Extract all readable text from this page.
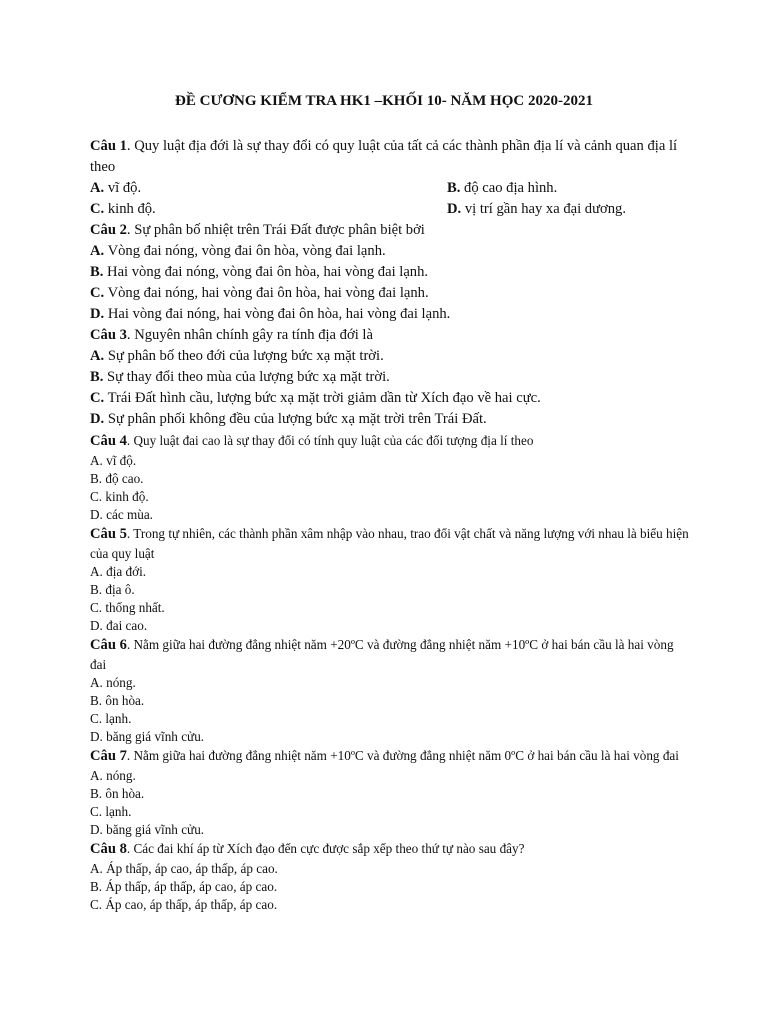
ĐỀ CƯƠNG KIỂM TRA HK1 –KHỐI 10- NĂM HỌC 2020-2021

Câu 1. Quy luật địa đới là sự thay đổi có quy luật của tất cả các thành phần địa lí và cảnh quan địa lí theo

A. vĩ độ.	B. độ cao địa hình.
C. kinh độ.	D. vị trí gần hay xa đại dương.

Câu 2. Sự phân bố nhiệt trên Trái Đất được phân biệt bởi

A. Vòng đai nóng, vòng đai ôn hòa, vòng đai lạnh.
B. Hai vòng đai nóng, vòng đai ôn hòa, hai vòng đai lạnh.
C. Vòng đai nóng, hai vòng đai ôn hòa, hai vòng đai lạnh.
D. Hai vòng đai nóng, hai vòng đai ôn hòa, hai vòng đai lạnh.

Câu 3. Nguyên nhân chính gây ra tính địa đới là

A. Sự phân bố theo đới của lượng bức xạ mặt trời.
B. Sự thay đổi theo mùa của lượng bức xạ mặt trời.
C. Trái Đất hình cầu, lượng bức xạ mặt trời giảm dần từ Xích đạo về hai cực.
D. Sự phân phối không đều của lượng bức xạ mặt trời trên Trái Đất.

Câu 4. Quy luật đai cao là sự thay đổi có tính quy luật của các đối tượng địa lí theo

A. vĩ độ.
B. độ cao.
C. kinh độ.
D. các mùa.

Câu 5. Trong tự nhiên, các thành phần xâm nhập vào nhau, trao đổi vật chất và năng lượng với nhau là biểu hiện của quy luật

A. địa đới.
B. địa ô.
C. thống nhất.
D. đai cao.

Câu 6. Nằm giữa hai đường đẳng nhiệt năm +20ºC và đường đẳng nhiệt năm +10ºC ở hai bán cầu là hai vòng đai

A. nóng.
B. ôn hòa.
C. lạnh.
D. băng giá vĩnh cửu.

Câu 7. Nằm giữa hai đường đẳng nhiệt năm +10ºC và đường đẳng nhiệt năm 0ºC ở hai bán cầu là hai vòng đai

A. nóng.
B. ôn hòa.
C. lạnh.
D. băng giá vĩnh cửu.

Câu 8. Các đai khí áp từ Xích đạo đến cực được sắp xếp theo thứ tự nào sau đây?

A. Áp thấp, áp cao, áp thấp, áp cao.
B. Áp thấp, áp thấp, áp cao, áp cao.
C. Áp cao, áp thấp, áp thấp, áp cao.
